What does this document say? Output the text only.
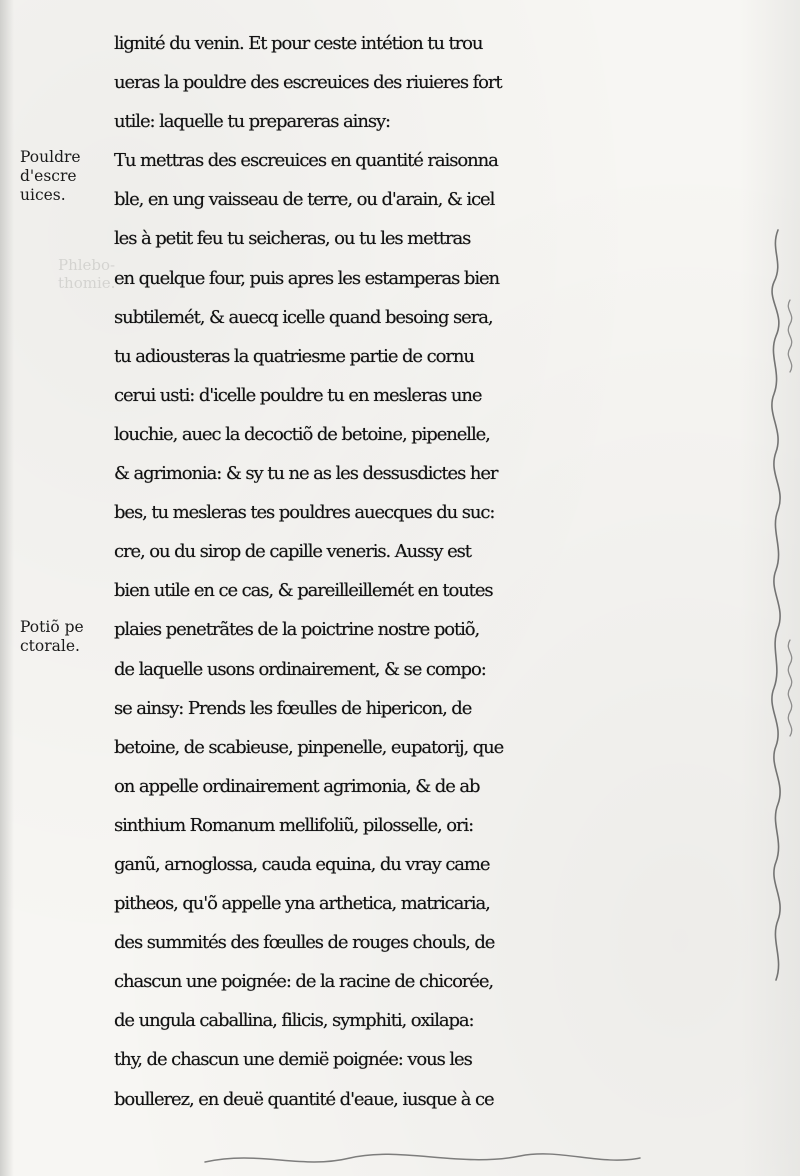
Phlebo-
thomie.
Pouldre
d'escre
uices.
Potiõ pe
ctorale.
lignité du venin. Et pour ceste intétion tu trou
ueras la pouldre des escreuices des riuieres fort
utile: laquelle tu prepareras ainsy:
Tu mettras des escreuices en quantité raisonna
ble, en ung vaisseau de terre, ou d'arain, & icel
les à petit feu tu seicheras, ou tu les mettras
en quelque four, puis apres les estamperas bien
subtilemét, & auecq icelle quand besoing sera,
tu adiousteras la quatriesme partie de cornu
cerui usti: d'icelle pouldre tu en mesleras une
louchie, auec la decoctiõ de betoine, pipenelle,
& agrimonia: & sy tu ne as les dessusdictes her
bes, tu mesleras tes pouldres auecques du suc:
cre, ou du sirop de capille veneris. Aussy est
bien utile en ce cas, & pareilleillemét en toutes
plaies penetrãtes de la poictrine nostre potiõ,
de laquelle usons ordinairement, & se compo:
se ainsy: Prends les fœulles de hipericon, de
betoine, de scabieuse, pinpenelle, eupatorij, que
on appelle ordinairement agrimonia, & de ab
sinthium Romanum mellifoliũ, pilosselle, ori:
ganũ, arnoglossa, cauda equina, du vray came
pitheos, qu'õ appelle yna arthetica, matricaria,
des summités des fœulles de rouges chouls, de
chascun une poignée: de la racine de chicorée,
de ungula caballina, filicis, symphiti, oxilapa:
thy, de chascun une demië poignée: vous les
boullerez, en deuë quantité d'eaue, iusque à ce
